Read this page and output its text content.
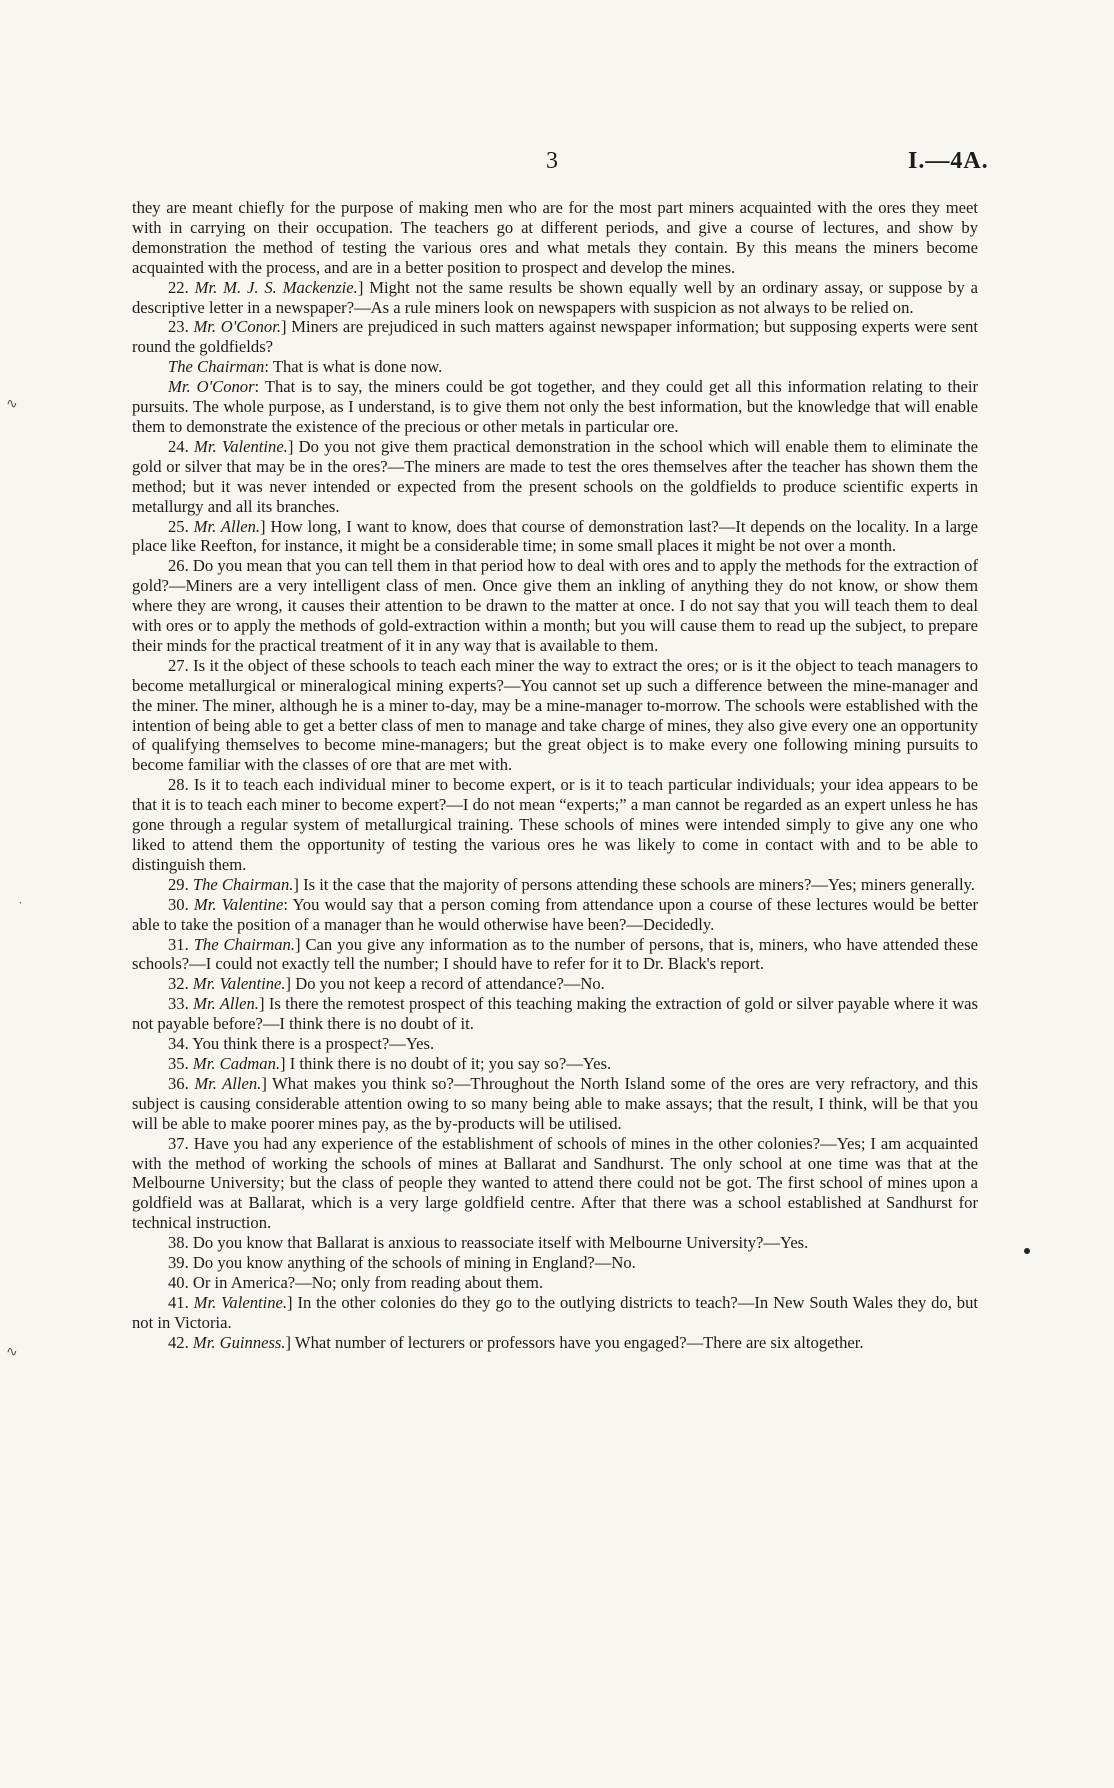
3	I.—4A.
∿
˙
∿

they are meant chiefly for the purpose of making men who are for the most part miners acquainted with the ores they meet with in carrying on their occupation. The teachers go at different periods, and give a course of lectures, and show by demonstration the method of testing the various ores and what metals they contain. By this means the miners become acquainted with the process, and are in a better position to prospect and develop the mines.

22. Mr. M. J. S. Mackenzie.] Might not the same results be shown equally well by an ordinary assay, or suppose by a descriptive letter in a newspaper?—As a rule miners look on newspapers with suspicion as not always to be relied on.

23. Mr. O'Conor.] Miners are prejudiced in such matters against newspaper information; but supposing experts were sent round the goldfields?

The Chairman: That is what is done now.

Mr. O'Conor: That is to say, the miners could be got together, and they could get all this information relating to their pursuits. The whole purpose, as I understand, is to give them not only the best information, but the knowledge that will enable them to demonstrate the existence of the precious or other metals in particular ore.

24. Mr. Valentine.] Do you not give them practical demonstration in the school which will enable them to eliminate the gold or silver that may be in the ores?—The miners are made to test the ores themselves after the teacher has shown them the method; but it was never intended or expected from the present schools on the goldfields to produce scientific experts in metallurgy and all its branches.

25. Mr. Allen.] How long, I want to know, does that course of demonstration last?—It depends on the locality. In a large place like Reefton, for instance, it might be a considerable time; in some small places it might be not over a month.

26. Do you mean that you can tell them in that period how to deal with ores and to apply the methods for the extraction of gold?—Miners are a very intelligent class of men. Once give them an inkling of anything they do not know, or show them where they are wrong, it causes their attention to be drawn to the matter at once. I do not say that you will teach them to deal with ores or to apply the methods of gold-extraction within a month; but you will cause them to read up the subject, to prepare their minds for the practical treatment of it in any way that is available to them.

27. Is it the object of these schools to teach each miner the way to extract the ores; or is it the object to teach managers to become metallurgical or mineralogical mining experts?—You cannot set up such a difference between the mine-manager and the miner. The miner, although he is a miner to-day, may be a mine-manager to-morrow. The schools were established with the intention of being able to get a better class of men to manage and take charge of mines, they also give every one an opportunity of qualifying themselves to become mine-managers; but the great object is to make every one following mining pursuits to become familiar with the classes of ore that are met with.

28. Is it to teach each individual miner to become expert, or is it to teach particular individuals; your idea appears to be that it is to teach each miner to become expert?—I do not mean “experts;” a man cannot be regarded as an expert unless he has gone through a regular system of metallurgical training. These schools of mines were intended simply to give any one who liked to attend them the opportunity of testing the various ores he was likely to come in contact with and to be able to distinguish them.

29. The Chairman.] Is it the case that the majority of persons attending these schools are miners?—Yes; miners generally.

30. Mr. Valentine: You would say that a person coming from attendance upon a course of these lectures would be better able to take the position of a manager than he would otherwise have been?—Decidedly.

31. The Chairman.] Can you give any information as to the number of persons, that is, miners, who have attended these schools?—I could not exactly tell the number; I should have to refer for it to Dr. Black's report.

32. Mr. Valentine.] Do you not keep a record of attendance?—No.

33. Mr. Allen.] Is there the remotest prospect of this teaching making the extraction of gold or silver payable where it was not payable before?—I think there is no doubt of it.

34. You think there is a prospect?—Yes.

35. Mr. Cadman.] I think there is no doubt of it; you say so?—Yes.

36. Mr. Allen.] What makes you think so?—Throughout the North Island some of the ores are very refractory, and this subject is causing considerable attention owing to so many being able to make assays; that the result, I think, will be that you will be able to make poorer mines pay, as the by-products will be utilised.

37. Have you had any experience of the establishment of schools of mines in the other colonies?—Yes; I am acquainted with the method of working the schools of mines at Ballarat and Sandhurst. The only school at one time was that at the Melbourne University; but the class of people they wanted to attend there could not be got. The first school of mines upon a goldfield was at Ballarat, which is a very large goldfield centre. After that there was a school established at Sandhurst for technical instruction.

38. Do you know that Ballarat is anxious to reassociate itself with Melbourne University?—Yes.

39. Do you know anything of the schools of mining in England?—No.

40. Or in America?—No; only from reading about them.

41. Mr. Valentine.] In the other colonies do they go to the outlying districts to teach?—In New South Wales they do, but not in Victoria.

42. Mr. Guinness.] What number of lecturers or professors have you engaged?—There are six altogether.
